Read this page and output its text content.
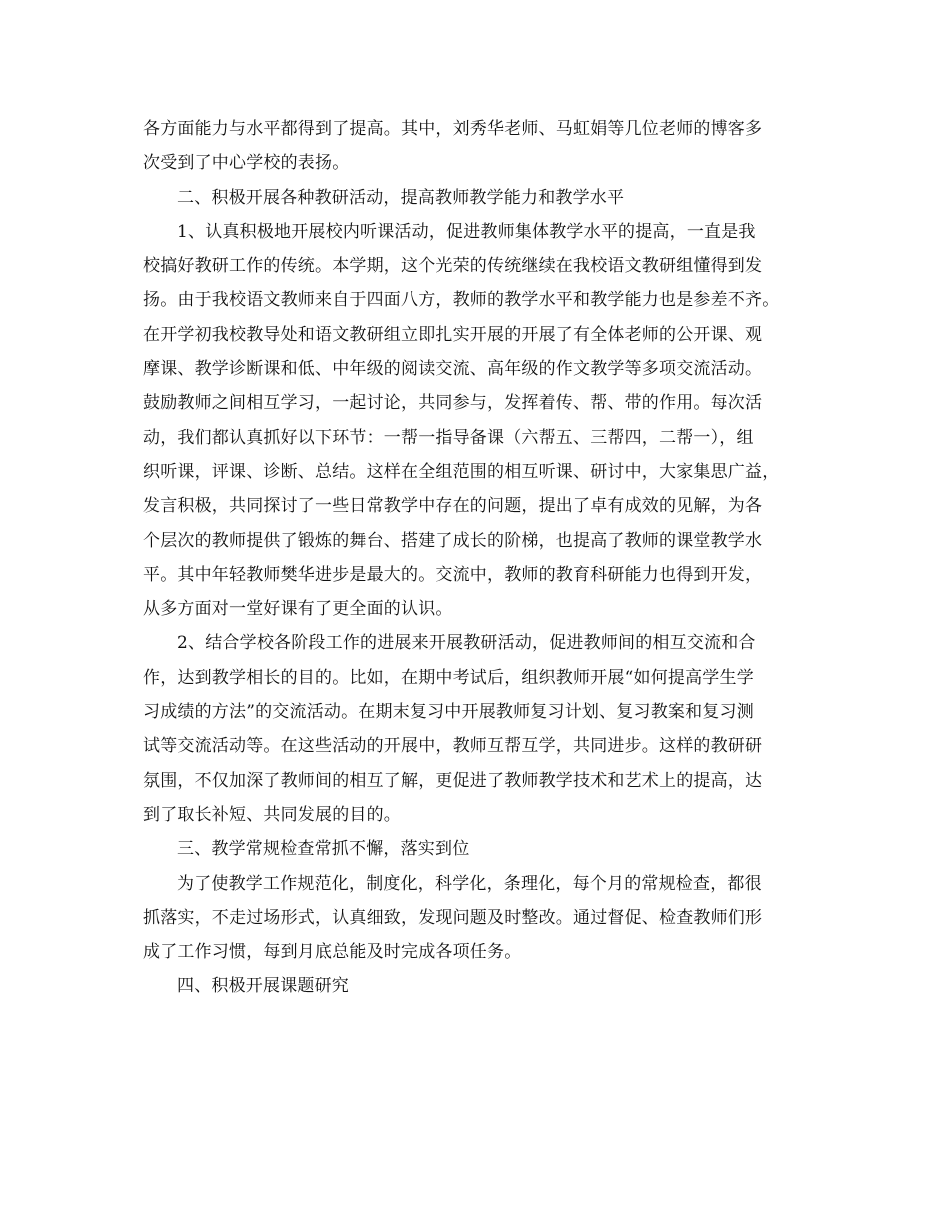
各方面能力与水平都得到了提高。其中，刘秀华老师、马虹娟等几位老师的博客多
次受到了中心学校的表扬。
二、积极开展各种教研活动，提高教师教学能力和教学水平
1、认真积极地开展校内听课活动，促进教师集体教学水平的提高，一直是我
校搞好教研工作的传统。本学期，这个光荣的传统继续在我校语文教研组懂得到发
扬。由于我校语文教师来自于四面八方，教师的教学水平和教学能力也是参差不齐。
在开学初我校教导处和语文教研组立即扎实开展的开展了有全体老师的公开课、观
摩课、教学诊断课和低、中年级的阅读交流、高年级的作文教学等多项交流活动。
鼓励教师之间相互学习，一起讨论，共同参与，发挥着传、帮、带的作用。每次活
动，我们都认真抓好以下环节：一帮一指导备课（六帮五、三帮四，二帮一），组
织听课，评课、诊断、总结。这样在全组范围的相互听课、研讨中，大家集思广益，
发言积极，共同探讨了一些日常教学中存在的问题，提出了卓有成效的见解，为各
个层次的教师提供了锻炼的舞台、搭建了成长的阶梯，也提高了教师的课堂教学水
平。其中年轻教师樊华进步是最大的。交流中，教师的教育科研能力也得到开发，
从多方面对一堂好课有了更全面的认识。
2、结合学校各阶段工作的进展来开展教研活动，促进教师间的相互交流和合
作，达到教学相长的目的。比如，在期中考试后，组织教师开展“如何提高学生学
习成绩的方法”的交流活动。在期末复习中开展教师复习计划、复习教案和复习测
试等交流活动等。在这些活动的开展中，教师互帮互学，共同进步。这样的教研研
氛围，不仅加深了教师间的相互了解，更促进了教师教学技术和艺术上的提高，达
到了取长补短、共同发展的目的。
三、教学常规检查常抓不懈，落实到位
为了使教学工作规范化，制度化，科学化，条理化，每个月的常规检查，都很
抓落实，不走过场形式，认真细致，发现问题及时整改。通过督促、检查教师们形
成了工作习惯，每到月底总能及时完成各项任务。
四、积极开展课题研究
